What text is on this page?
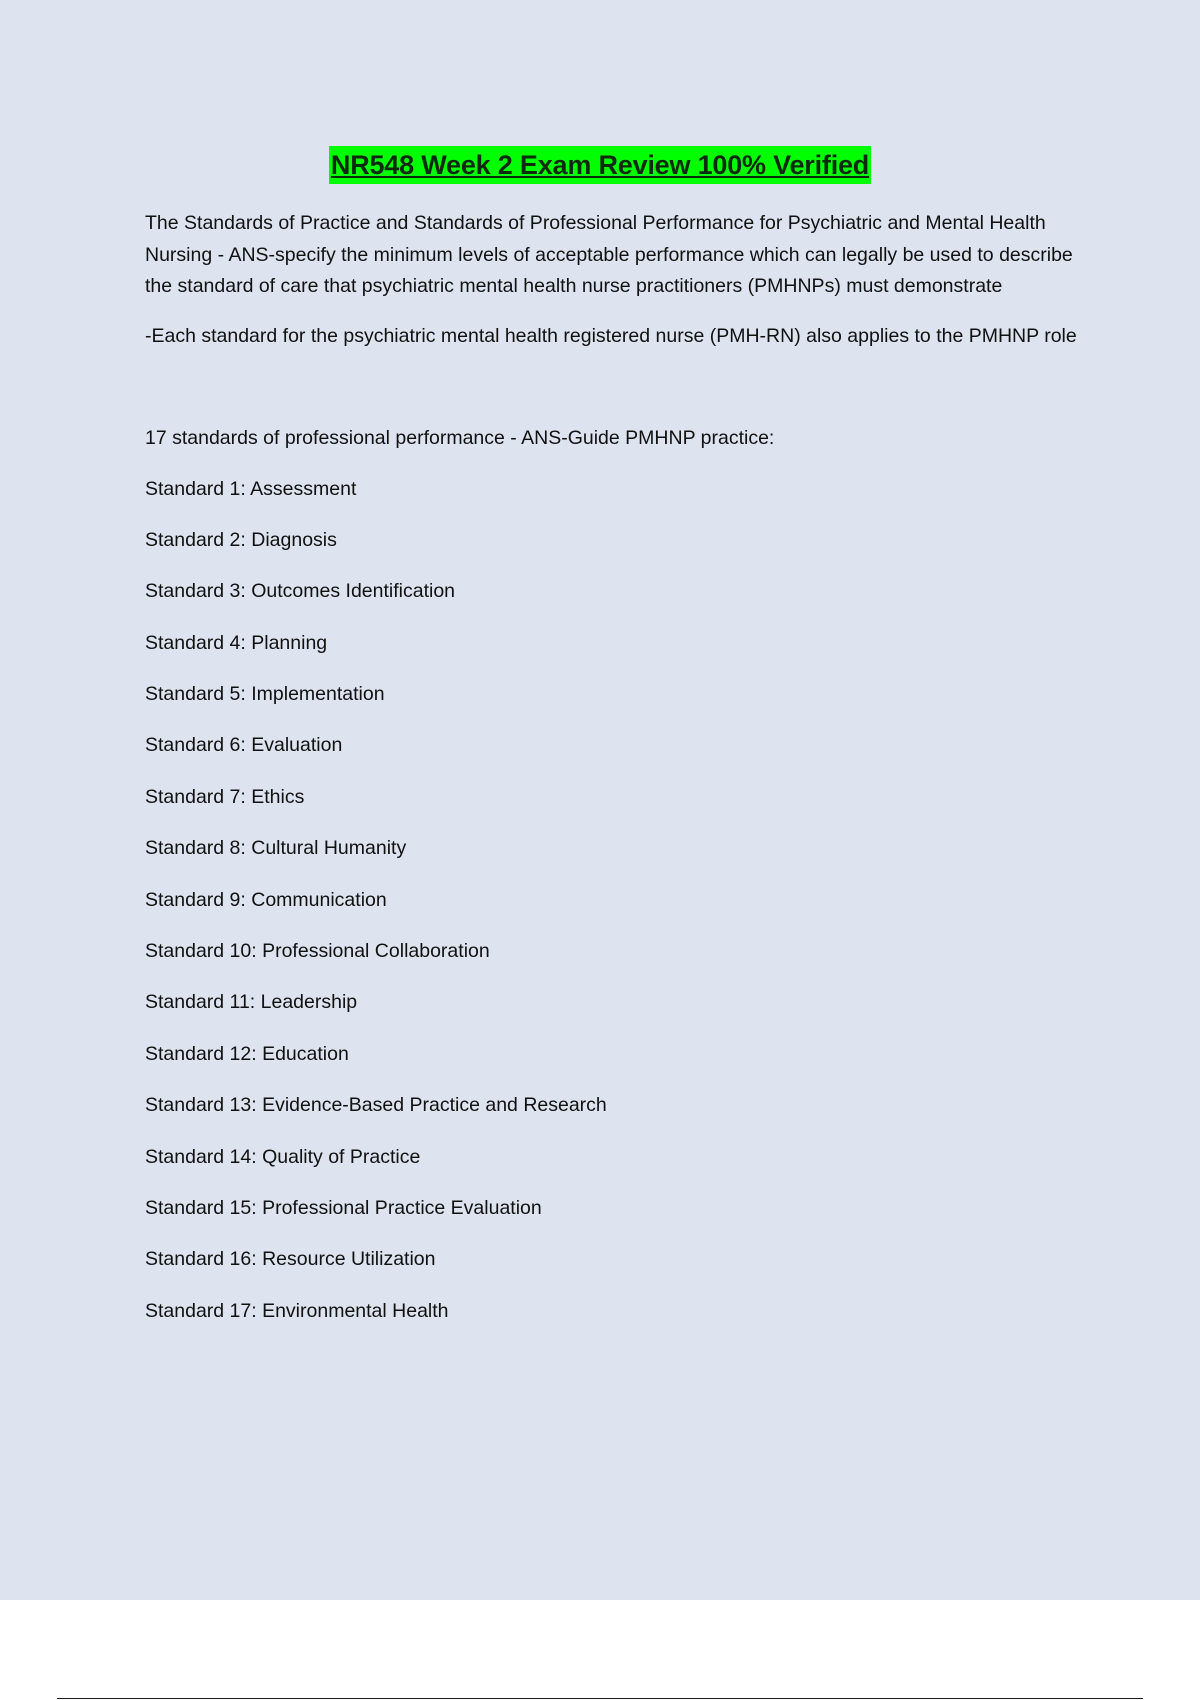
NR548 Week 2 Exam Review 100% Verified

The Standards of Practice and Standards of Professional Performance for Psychiatric and Mental Health Nursing - ANS-specify the minimum levels of acceptable performance which can legally be used to describe the standard of care that psychiatric mental health nurse practitioners (PMHNPs) must demonstrate

-Each standard for the psychiatric mental health registered nurse (PMH-RN) also applies to the PMHNP role

17 standards of professional performance - ANS-Guide PMHNP practice:

Standard 1: Assessment
Standard 2: Diagnosis
Standard 3: Outcomes Identification
Standard 4: Planning
Standard 5: Implementation
Standard 6: Evaluation
Standard 7: Ethics
Standard 8: Cultural Humanity
Standard 9: Communication
Standard 10: Professional Collaboration
Standard 11: Leadership
Standard 12: Education
Standard 13: Evidence-Based Practice and Research
Standard 14: Quality of Practice
Standard 15: Professional Practice Evaluation
Standard 16: Resource Utilization
Standard 17: Environmental Health
